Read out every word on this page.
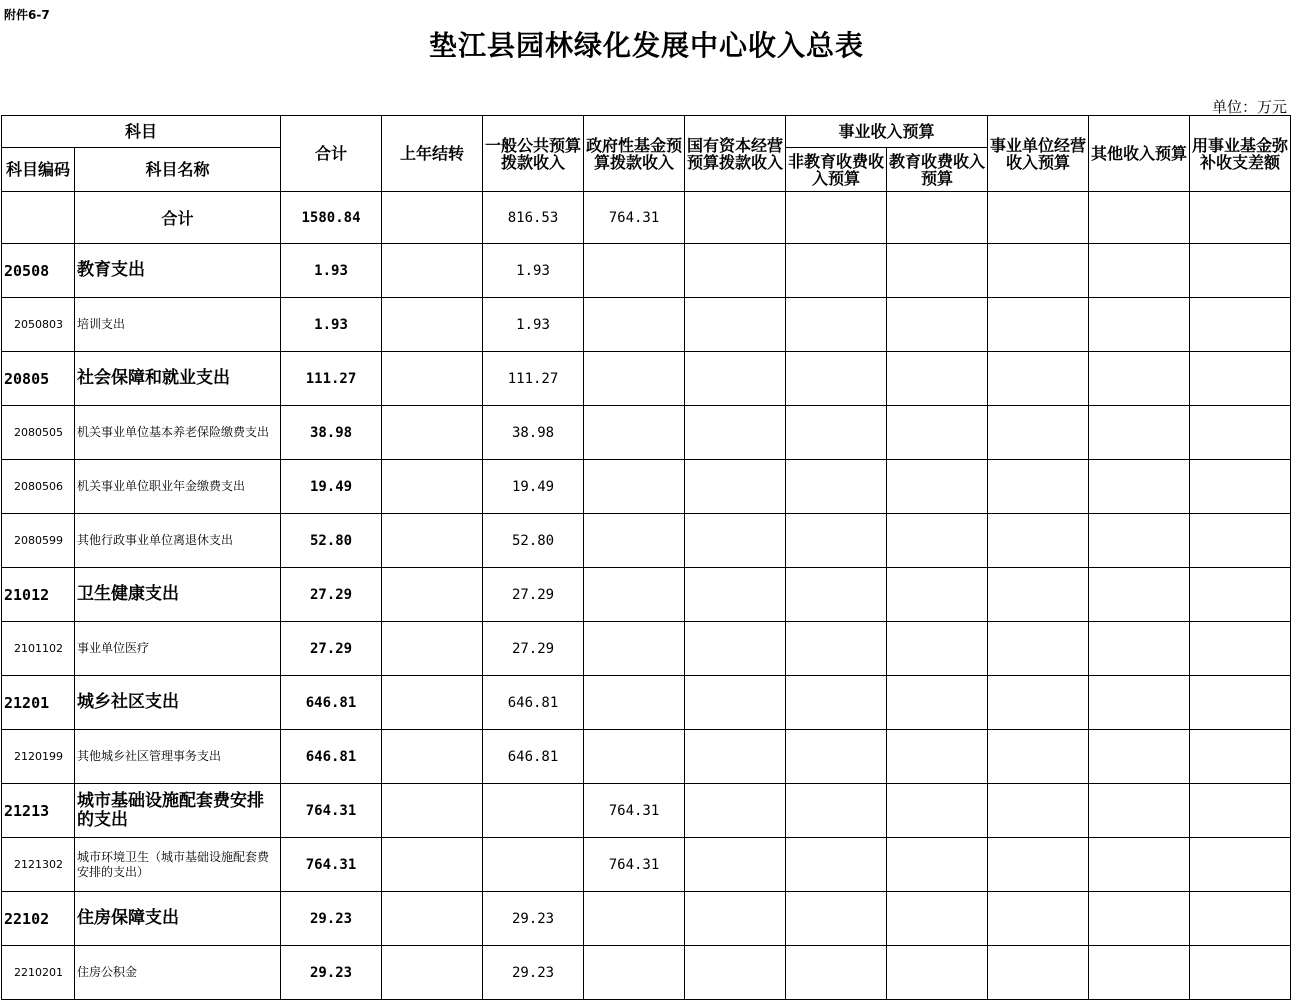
附件6-7
垫江县园林绿化发展中心收入总表
单位：万元
科目		合计	上年结转	一般公共预算拨款收入	政府性基金预算拨款收入	国有资本经营预算拨款收入	事业收入预算		事业单位经营收入预算	其他收入预算	用事业基金弥补收支差额
科目编码	科目名称						非教育收费收入预算	教育收费收入预算			
	合计	1580.84		816.53	764.31						
20508	教育支出	1.93		1.93							
2050803	培训支出	1.93		1.93							
20805	社会保障和就业支出	111.27		111.27							
2080505	机关事业单位基本养老保险缴费支出	38.98		38.98							
2080506	机关事业单位职业年金缴费支出	19.49		19.49							
2080599	其他行政事业单位离退休支出	52.80		52.80							
21012	卫生健康支出	27.29		27.29							
2101102	事业单位医疗	27.29		27.29							
21201	城乡社区支出	646.81		646.81							
2120199	其他城乡社区管理事务支出	646.81		646.81							
21213	城市基础设施配套费安排的支出	764.31			764.31						
2121302	城市环境卫生（城市基础设施配套费安排的支出）	764.31			764.31						
22102	住房保障支出	29.23		29.23							
2210201	住房公积金	29.23		29.23							
